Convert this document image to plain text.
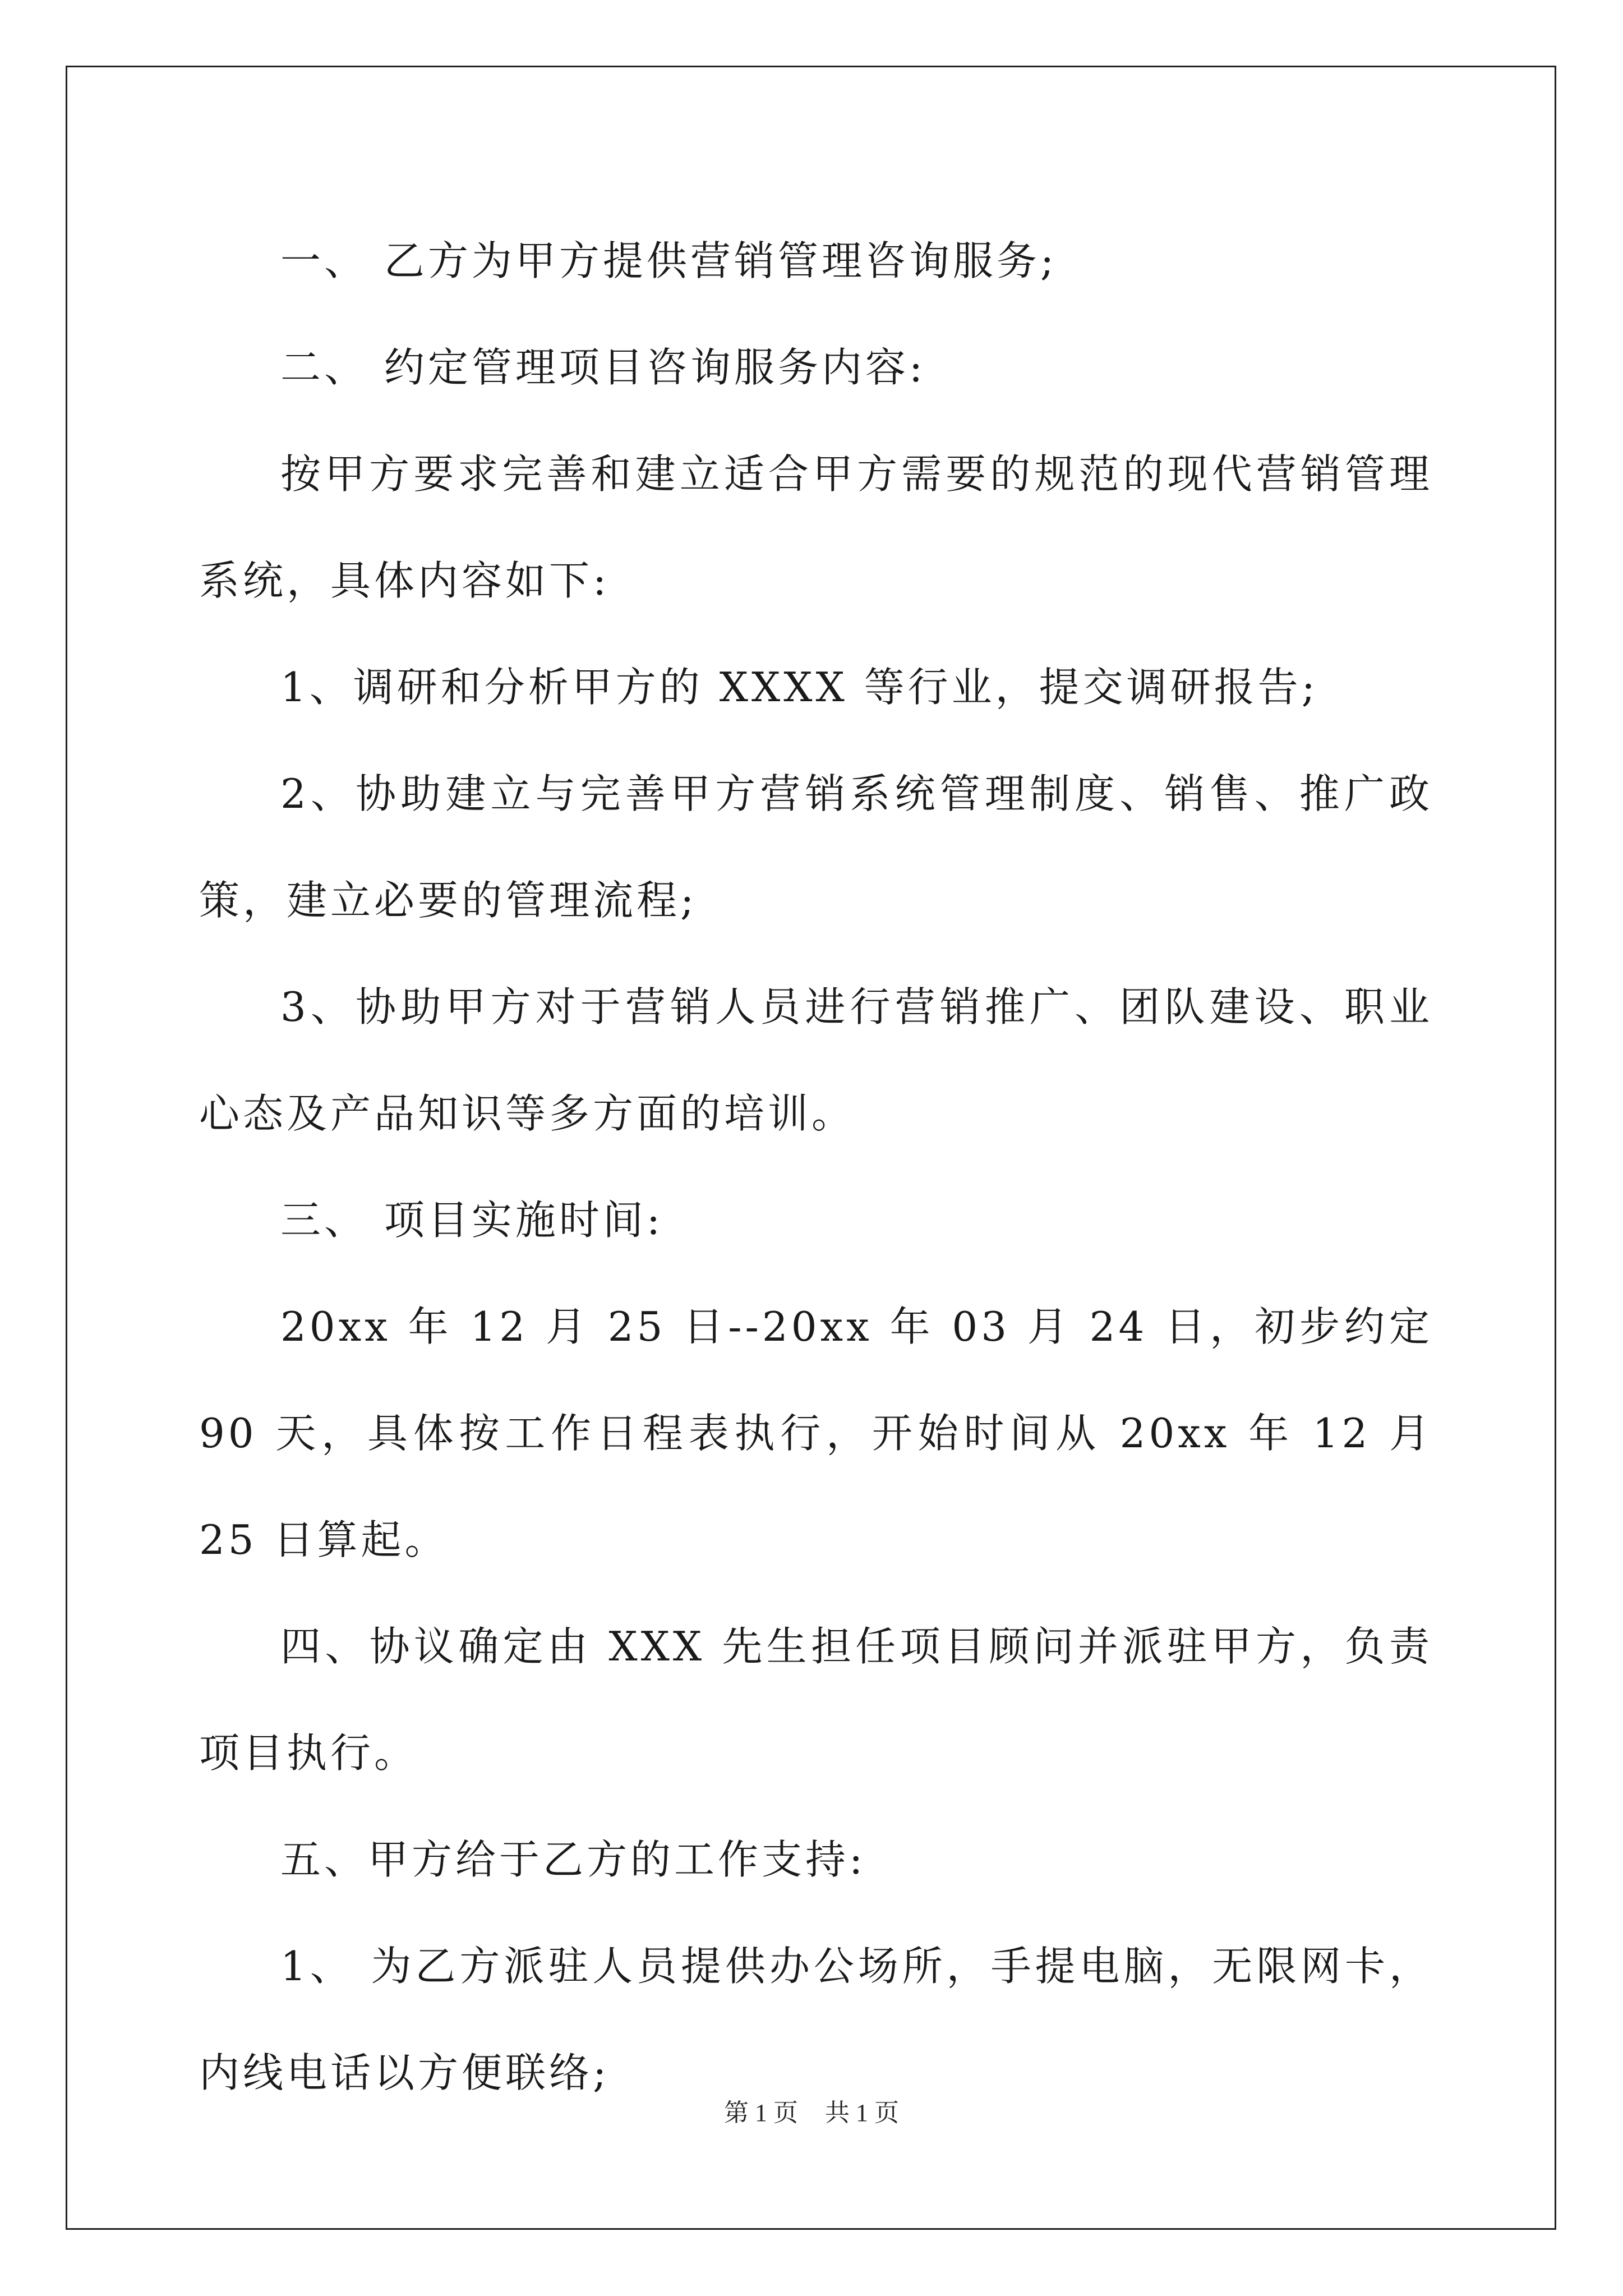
一、 乙方为甲方提供营销管理咨询服务;

二、 约定管理项目咨询服务内容:

按甲方要求完善和建立适合甲方需要的规范的现代营销管理系统，具体内容如下:

1、调研和分析甲方的 XXXX 等行业，提交调研报告;

2、协助建立与完善甲方营销系统管理制度、销售、推广政策，建立必要的管理流程;

3、协助甲方对于营销人员进行营销推广、团队建设、职业心态及产品知识等多方面的培训。

三、 项目实施时间:

20xx 年 12 月 25 日--20xx 年 03 月 24 日，初步约定 90 天，具体按工作日程表执行，开始时间从 20xx 年 12 月 25 日算起。

四、协议确定由 XXX 先生担任项目顾问并派驻甲方，负责项目执行。

五、甲方给于乙方的工作支持:

1、 为乙方派驻人员提供办公场所，手提电脑，无限网卡，内线电话以方便联络;

第 1 页 共 1 页
